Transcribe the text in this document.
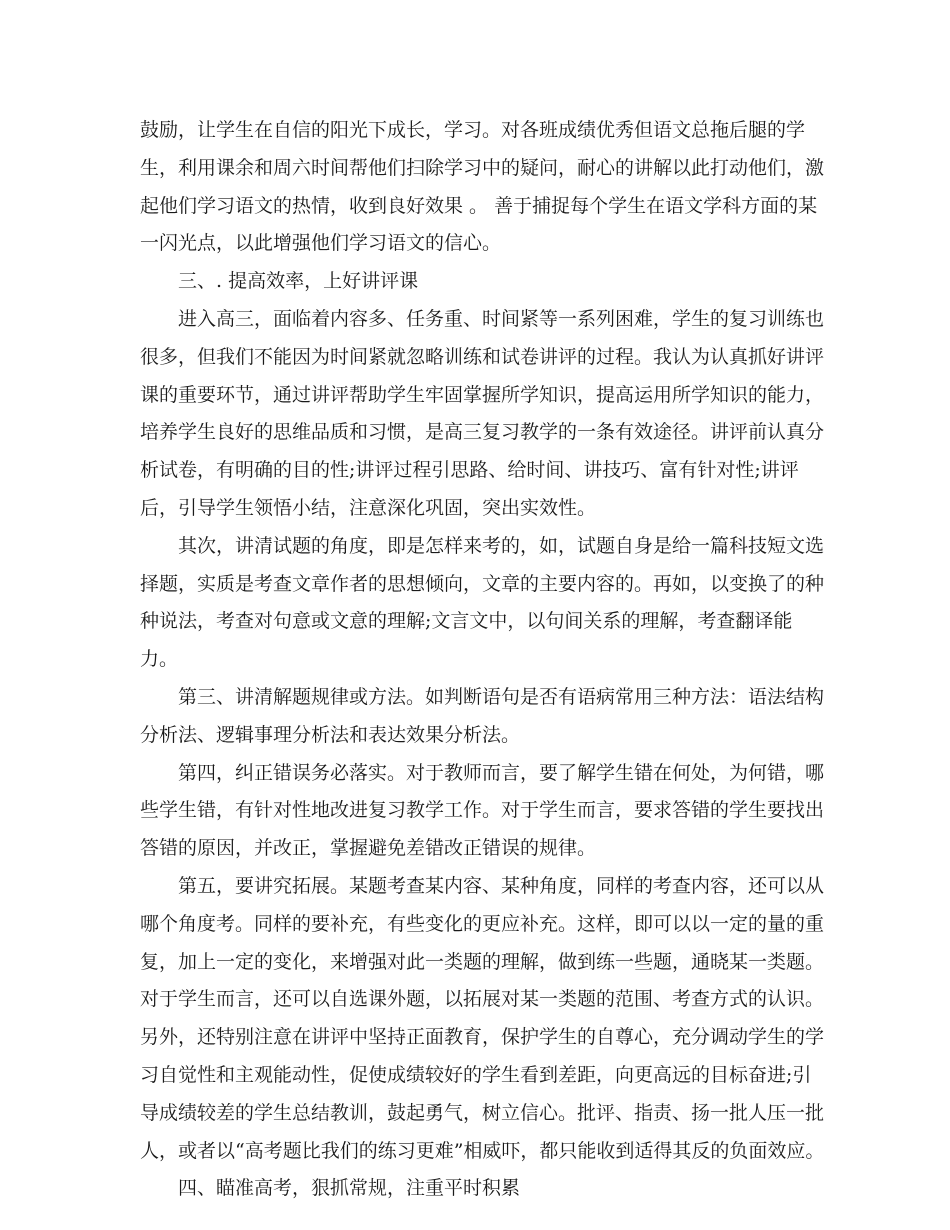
鼓励，让学生在自信的阳光下成长，学习。对各班成绩优秀但语文总拖后腿的学生，利用课余和周六时间帮他们扫除学习中的疑问，耐心的讲解以此打动他们，激起他们学习语文的热情，收到良好效果 。 善于捕捉每个学生在语文学科方面的某一闪光点，以此增强他们学习语文的信心。

三、. 提高效率，上好讲评课

进入高三，面临着内容多、任务重、时间紧等一系列困难，学生的复习训练也很多，但我们不能因为时间紧就忽略训练和试卷讲评的过程。我认为认真抓好讲评课的重要环节，通过讲评帮助学生牢固掌握所学知识，提高运用所学知识的能力，培养学生良好的思维品质和习惯，是高三复习教学的一条有效途径。讲评前认真分析试卷，有明确的目的性;讲评过程引思路、给时间、讲技巧、富有针对性;讲评后，引导学生领悟小结，注意深化巩固，突出实效性。

其次，讲清试题的角度，即是怎样来考的，如，试题自身是给一篇科技短文选择题，实质是考查文章作者的思想倾向，文章的主要内容的。再如，以变换了的种种说法，考查对句意或文意的理解;文言文中，以句间关系的理解，考查翻译能力。

第三、讲清解题规律或方法。如判断语句是否有语病常用三种方法：语法结构分析法、逻辑事理分析法和表达效果分析法。

第四，纠正错误务必落实。对于教师而言，要了解学生错在何处，为何错，哪些学生错，有针对性地改进复习教学工作。对于学生而言，要求答错的学生要找出答错的原因，并改正，掌握避免差错改正错误的规律。

第五，要讲究拓展。某题考查某内容、某种角度，同样的考查内容，还可以从哪个角度考。同样的要补充，有些变化的更应补充。这样，即可以以一定的量的重复，加上一定的变化，来增强对此一类题的理解，做到练一些题，通晓某一类题。对于学生而言，还可以自选课外题，以拓展对某一类题的范围、考查方式的认识。另外，还特别注意在讲评中坚持正面教育，保护学生的自尊心，充分调动学生的学习自觉性和主观能动性，促使成绩较好的学生看到差距，向更高远的目标奋进;引导成绩较差的学生总结教训，鼓起勇气，树立信心。批评、指责、扬一批人压一批人，或者以“高考题比我们的练习更难”相威吓，都只能收到适得其反的负面效应。

四、瞄准高考，狠抓常规，注重平时积累
